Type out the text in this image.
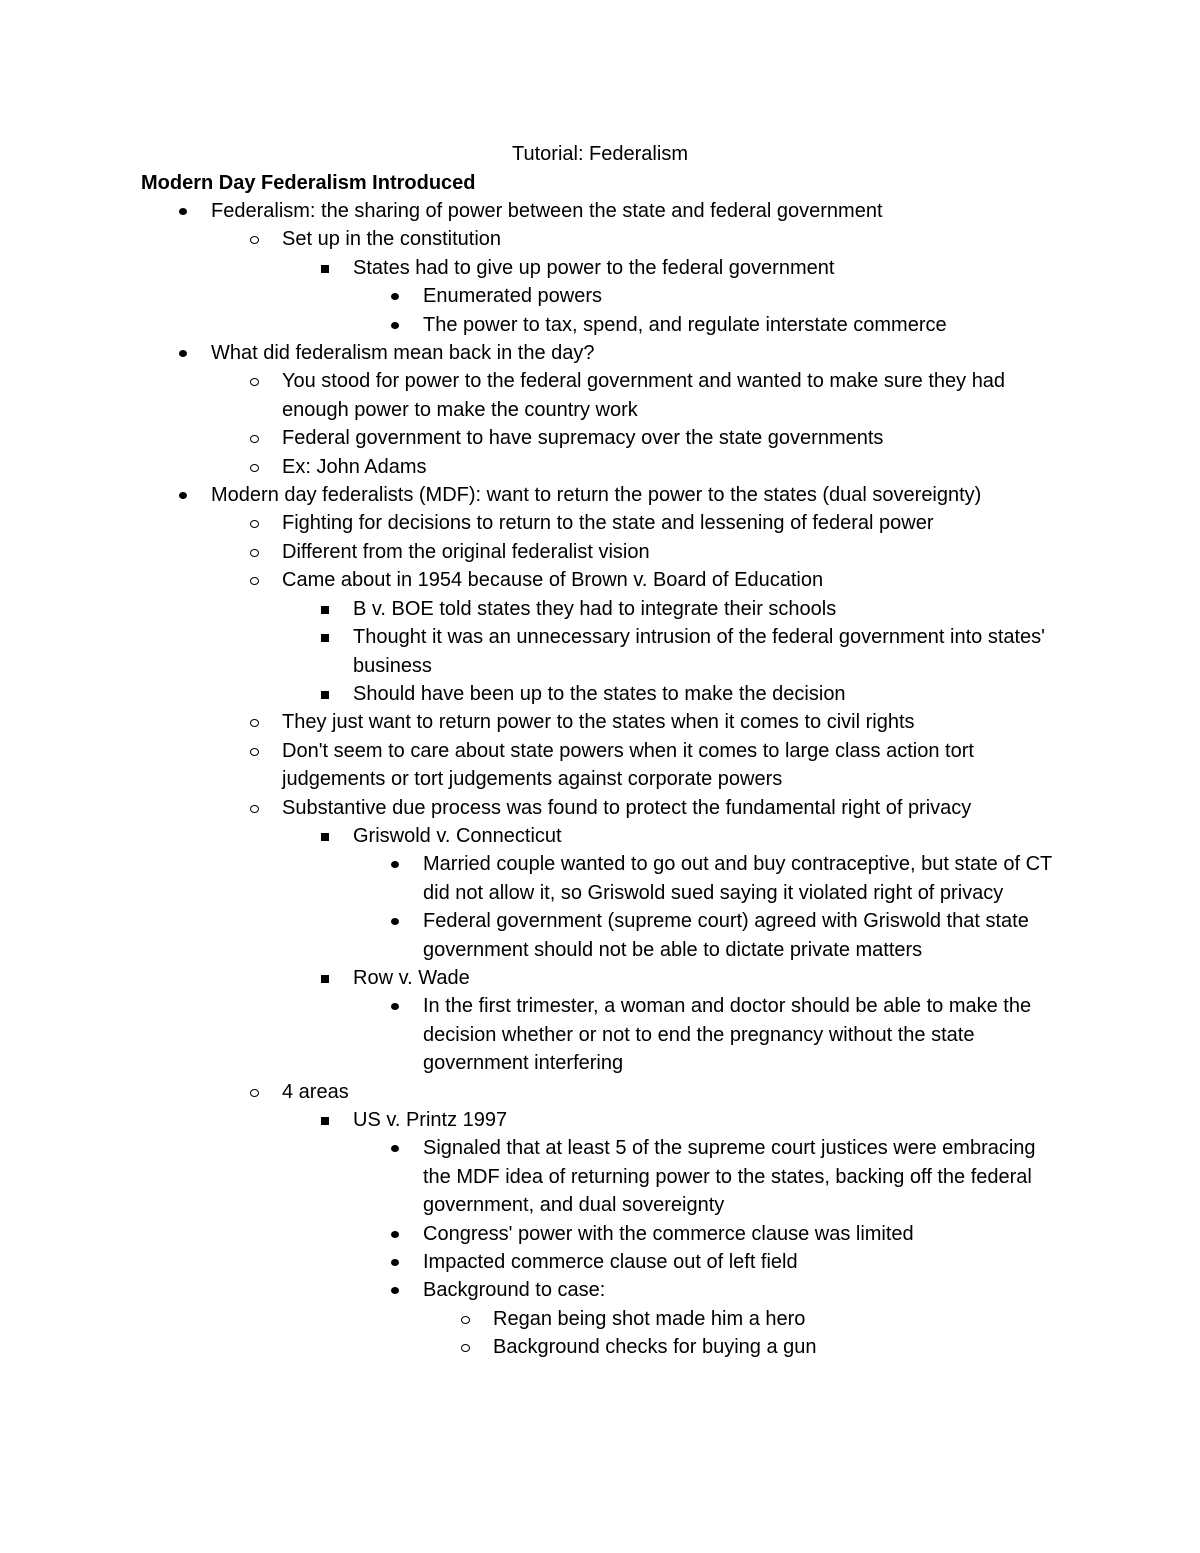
Tutorial: Federalism
Modern Day Federalism Introduced
Federalism: the sharing of power between the state and federal government
Set up in the constitution
States had to give up power to the federal government
Enumerated powers
The power to tax, spend, and regulate interstate commerce
What did federalism mean back in the day?
You stood for power to the federal government and wanted to make sure they had enough power to make the country work
Federal government to have supremacy over the state governments
Ex: John Adams
Modern day federalists (MDF): want to return the power to the states (dual sovereignty)
Fighting for decisions to return to the state and lessening of federal power
Different from the original federalist vision
Came about in 1954 because of Brown v. Board of Education
B v. BOE told states they had to integrate their schools
Thought it was an unnecessary intrusion of the federal government into states' business
Should have been up to the states to make the decision
They just want to return power to the states when it comes to civil rights
Don't seem to care about state powers when it comes to large class action tort judgements or tort judgements against corporate powers
Substantive due process was found to protect the fundamental right of privacy
Griswold v. Connecticut
Married couple wanted to go out and buy contraceptive, but state of CT did not allow it, so Griswold sued saying it violated right of privacy
Federal government (supreme court) agreed with Griswold that state government should not be able to dictate private matters
Row v. Wade
In the first trimester, a woman and doctor should be able to make the decision whether or not to end the pregnancy without the state government interfering
4 areas
US v. Printz 1997
Signaled that at least 5 of the supreme court justices were embracing the MDF idea of returning power to the states, backing off the federal government, and dual sovereignty
Congress' power with the commerce clause was limited
Impacted commerce clause out of left field
Background to case:
Regan being shot made him a hero
Background checks for buying a gun
